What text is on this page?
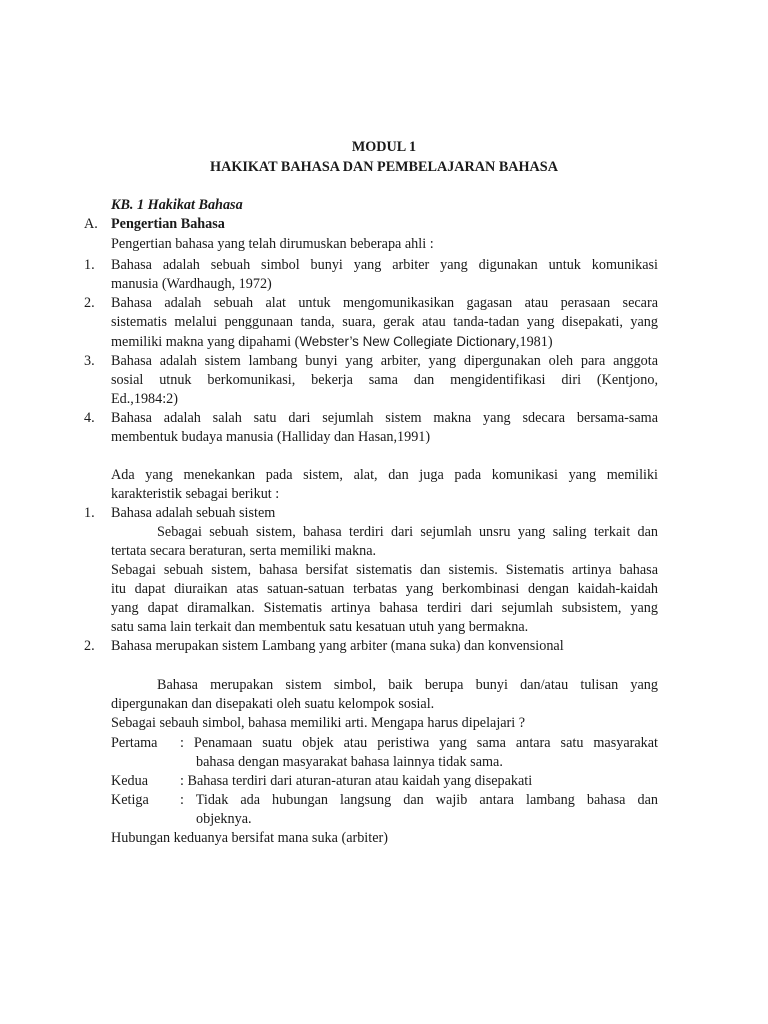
MODUL 1
HAKIKAT BAHASA DAN PEMBELAJARAN BAHASA
KB. 1 Hakikat Bahasa
A. Pengertian Bahasa
Pengertian bahasa yang telah dirumuskan beberapa ahli :
1. Bahasa adalah sebuah simbol bunyi yang arbiter yang digunakan untuk komunikasi
manusia (Wardhaugh, 1972)
2. Bahasa adalah sebuah alat untuk mengomunikasikan gagasan atau perasaan secara
sistematis melalui penggunaan tanda, suara, gerak atau tanda-tadan yang disepakati, yang
memiliki makna yang dipahami (Webster’s New Collegiate Dictionary,1981)
3. Bahasa adalah sistem lambang bunyi yang arbiter, yang dipergunakan oleh para anggota
sosial utnuk berkomunikasi, bekerja sama dan mengidentifikasi diri (Kentjono,
Ed.,1984:2)
4. Bahasa adalah salah satu dari sejumlah sistem makna yang sdecara bersama-sama
membentuk budaya manusia (Halliday dan Hasan,1991)
Ada yang menekankan pada sistem, alat, dan juga pada komunikasi yang memiliki
karakteristik sebagai berikut :
1. Bahasa adalah sebuah sistem
Sebagai sebuah sistem, bahasa terdiri dari sejumlah unsru yang saling terkait dan
tertata secara beraturan, serta memiliki makna.
Sebagai sebuah sistem, bahasa bersifat sistematis dan sistemis. Sistematis artinya bahasa
itu dapat diuraikan atas satuan-satuan terbatas yang berkombinasi dengan kaidah-kaidah
yang dapat diramalkan. Sistematis artinya bahasa terdiri dari sejumlah subsistem, yang
satu sama lain terkait dan membentuk satu kesatuan utuh yang bermakna.
2. Bahasa merupakan sistem Lambang yang arbiter (mana suka) dan konvensional
Bahasa merupakan sistem simbol, baik berupa bunyi dan/atau tulisan yang
dipergunakan dan disepakati oleh suatu kelompok sosial.
Sebagai sebauh simbol, bahasa memiliki arti. Mengapa harus dipelajari ?
Pertama : Penamaan suatu objek atau peristiwa yang sama antara satu masyarakat
bahasa dengan masyarakat bahasa lainnya tidak sama.
Kedua : Bahasa terdiri dari aturan-aturan atau kaidah yang disepakati
Ketiga : Tidak ada hubungan langsung dan wajib antara lambang bahasa dan
objeknya.
Hubungan keduanya bersifat mana suka (arbiter)
